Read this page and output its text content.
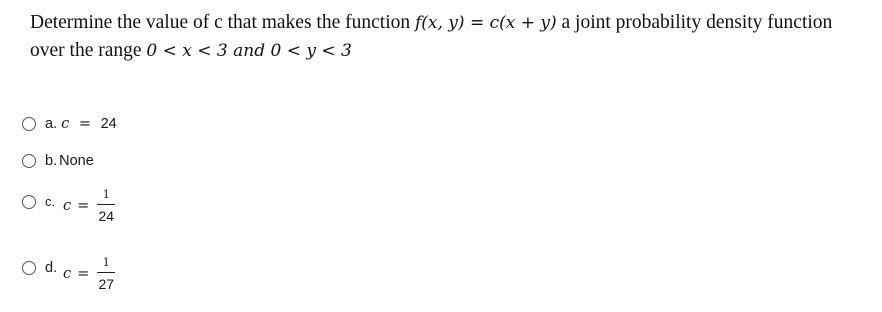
Determine the value of c that makes the function f(x, y) = c(x + y) a joint probability density function over the range 0 < x < 3 and 0 < y < 3
a. c = 24
b. None
c. $c = \frac{1}{24}$
d. $c = \frac{1}{27}$
